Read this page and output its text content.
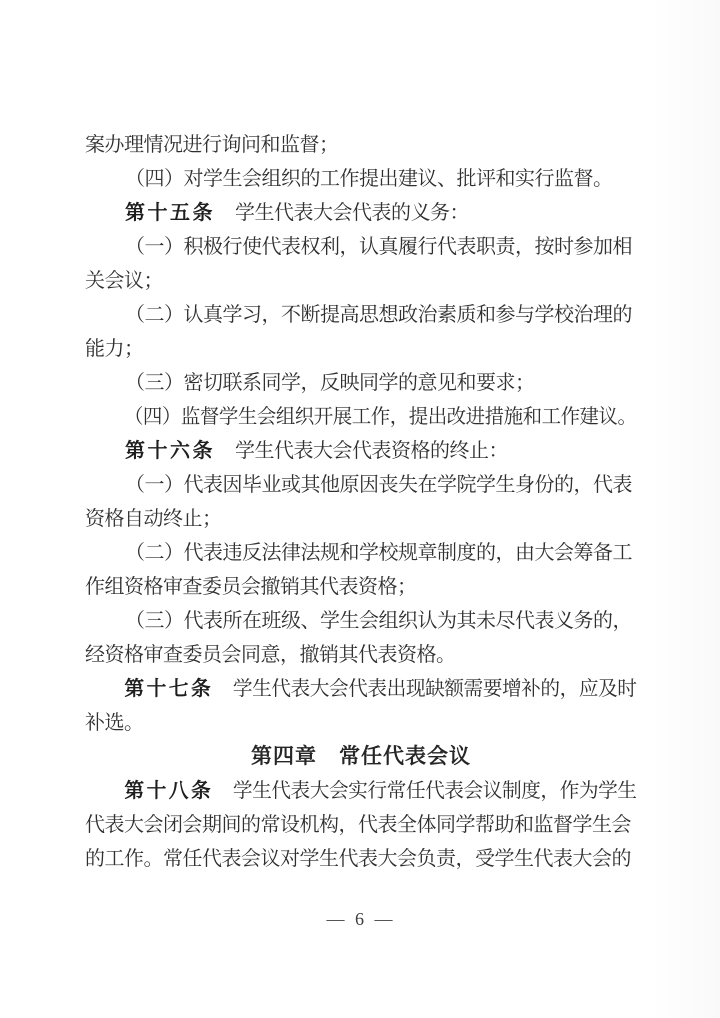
案办理情况进行询问和监督；
（四）对学生会组织的工作提出建议、批评和实行监督。
第十五条 学生代表大会代表的义务：
（一）积极行使代表权利，认真履行代表职责，按时参加相
关会议；
（二）认真学习，不断提高思想政治素质和参与学校治理的
能力；
（三）密切联系同学，反映同学的意见和要求；
（四）监督学生会组织开展工作，提出改进措施和工作建议。
第十六条 学生代表大会代表资格的终止：
（一）代表因毕业或其他原因丧失在学院学生身份的，代表
资格自动终止；
（二）代表违反法律法规和学校规章制度的，由大会筹备工
作组资格审查委员会撤销其代表资格；
（三）代表所在班级、学生会组织认为其未尽代表义务的，
经资格审查委员会同意，撤销其代表资格。
第十七条 学生代表大会代表出现缺额需要增补的，应及时
补选。
第四章　常任代表会议
第十八条 学生代表大会实行常任代表会议制度，作为学生
代表大会闭会期间的常设机构，代表全体同学帮助和监督学生会
的工作。常任代表会议对学生代表大会负责，受学生代表大会的
— 6 —
